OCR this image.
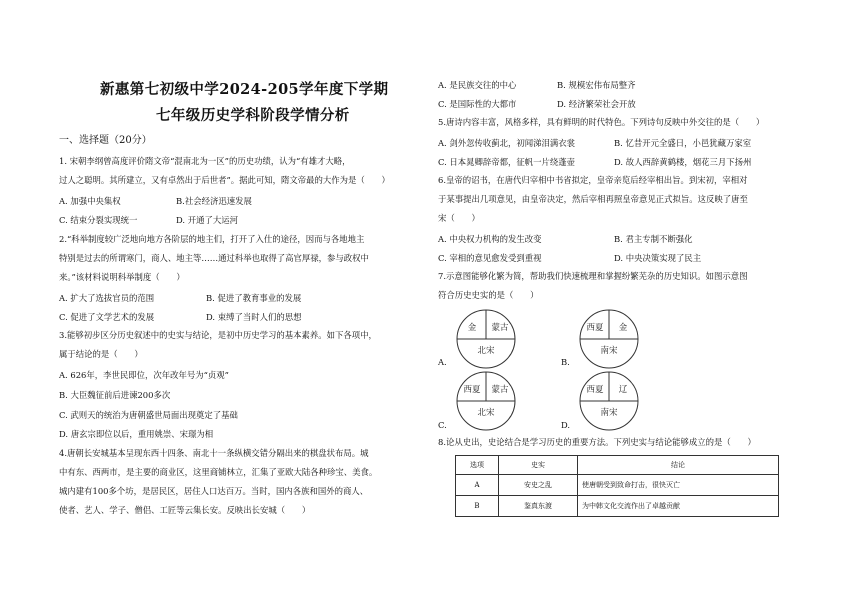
新惠第七初级中学2024-205学年度下学期
七年级历史学科阶段学情分析
一、选择题（20分）
1. 宋朝李纲曾高度评价隋文帝“混南北为一区”的历史功绩，认为“有雄才大略，
过人之聪明。其所建立，又有卓然出于后世者”。据此可知，隋文帝最的大作为是（　　）
A. 加强中央集权	B.社会经济迅速发展
C. 结束分裂实现统一	D. 开通了大运河
2.“科举制度较广泛地向地方各阶层的地主们，打开了入仕的途径，因而与各地地主
特别是过去的所谓寒门，商人、地主等……通过科举也取得了高官厚禄，参与政权中
来。”该材料说明科举制度（　　）
A. 扩大了选拔官员的范围	B. 促进了教育事业的发展
C. 促进了文学艺术的发展	D. 束缚了当时人们的思想
3.能够初步区分历史叙述中的史实与结论，是初中历史学习的基本素养。如下各项中，
属于结论的是（　　）
A. 626年，李世民即位，次年改年号为“贞观”
B. 大臣魏征前后进谏200多次
C. 武则天的统治为唐朝盛世局面出现奠定了基础
D. 唐玄宗即位以后，重用姚崇、宋璟为相
4.唐朝长安城基本呈现东西十四条、南北十一条纵横交错分隔出来的棋盘状布局。城
中有东、西两市，是主要的商业区，这里商铺林立，汇集了亚欧大陆各种珍宝、美食。
城内建有100多个坊，是居民区，居住人口达百万。当时，国内各族和国外的商人、
使者、艺人、学子、僧侣、工匠等云集长安。反映出长安城（　　）
A. 是民族交往的中心	B. 规模宏伟布局整齐
C. 是国际性的大都市	D. 经济繁荣社会开放
5.唐诗内容丰富，风格多样，具有鲜明的时代特色。下列诗句反映中外交往的是（　　）
A. 剑外忽传收蓟北，初闻涕泪满衣裳	B. 忆昔开元全盛日，小邑犹藏万家室
C. 日本晁卿辞帝都，征帆一片绕蓬壶	D. 故人西辞黄鹤楼，烟花三月下扬州
6.皇帝的诏书，在唐代归宰相中书省拟定，皇帝亲览后经宰相出旨。到宋初，宰相对
于某事提出几项意见，由皇帝决定，然后宰相再照皇帝意见正式拟旨。这反映了唐至
宋（　　）
A. 中央权力机构的发生改变	B. 君主专制不断强化
C. 宰相的意见愈发受到重视	D. 中央决策实现了民主
7.示意图能够化繁为简，帮助我们快速梳理和掌握纷繁芜杂的历史知识。如图示意图
符合历史史实的是（　　）
A.
金 蒙古
北宋
B.
西夏 金
南宋
C.
西夏 蒙古
北宋
D.
西夏 辽
南宋
8.论从史出，史论结合是学习历史的重要方法。下列史实与结论能够成立的是（　　）
选项	史实	结论
A	安史之乱	使唐朝受到致命打击，很快灭亡
B	鉴真东渡	为中韩文化交流作出了卓越贡献
